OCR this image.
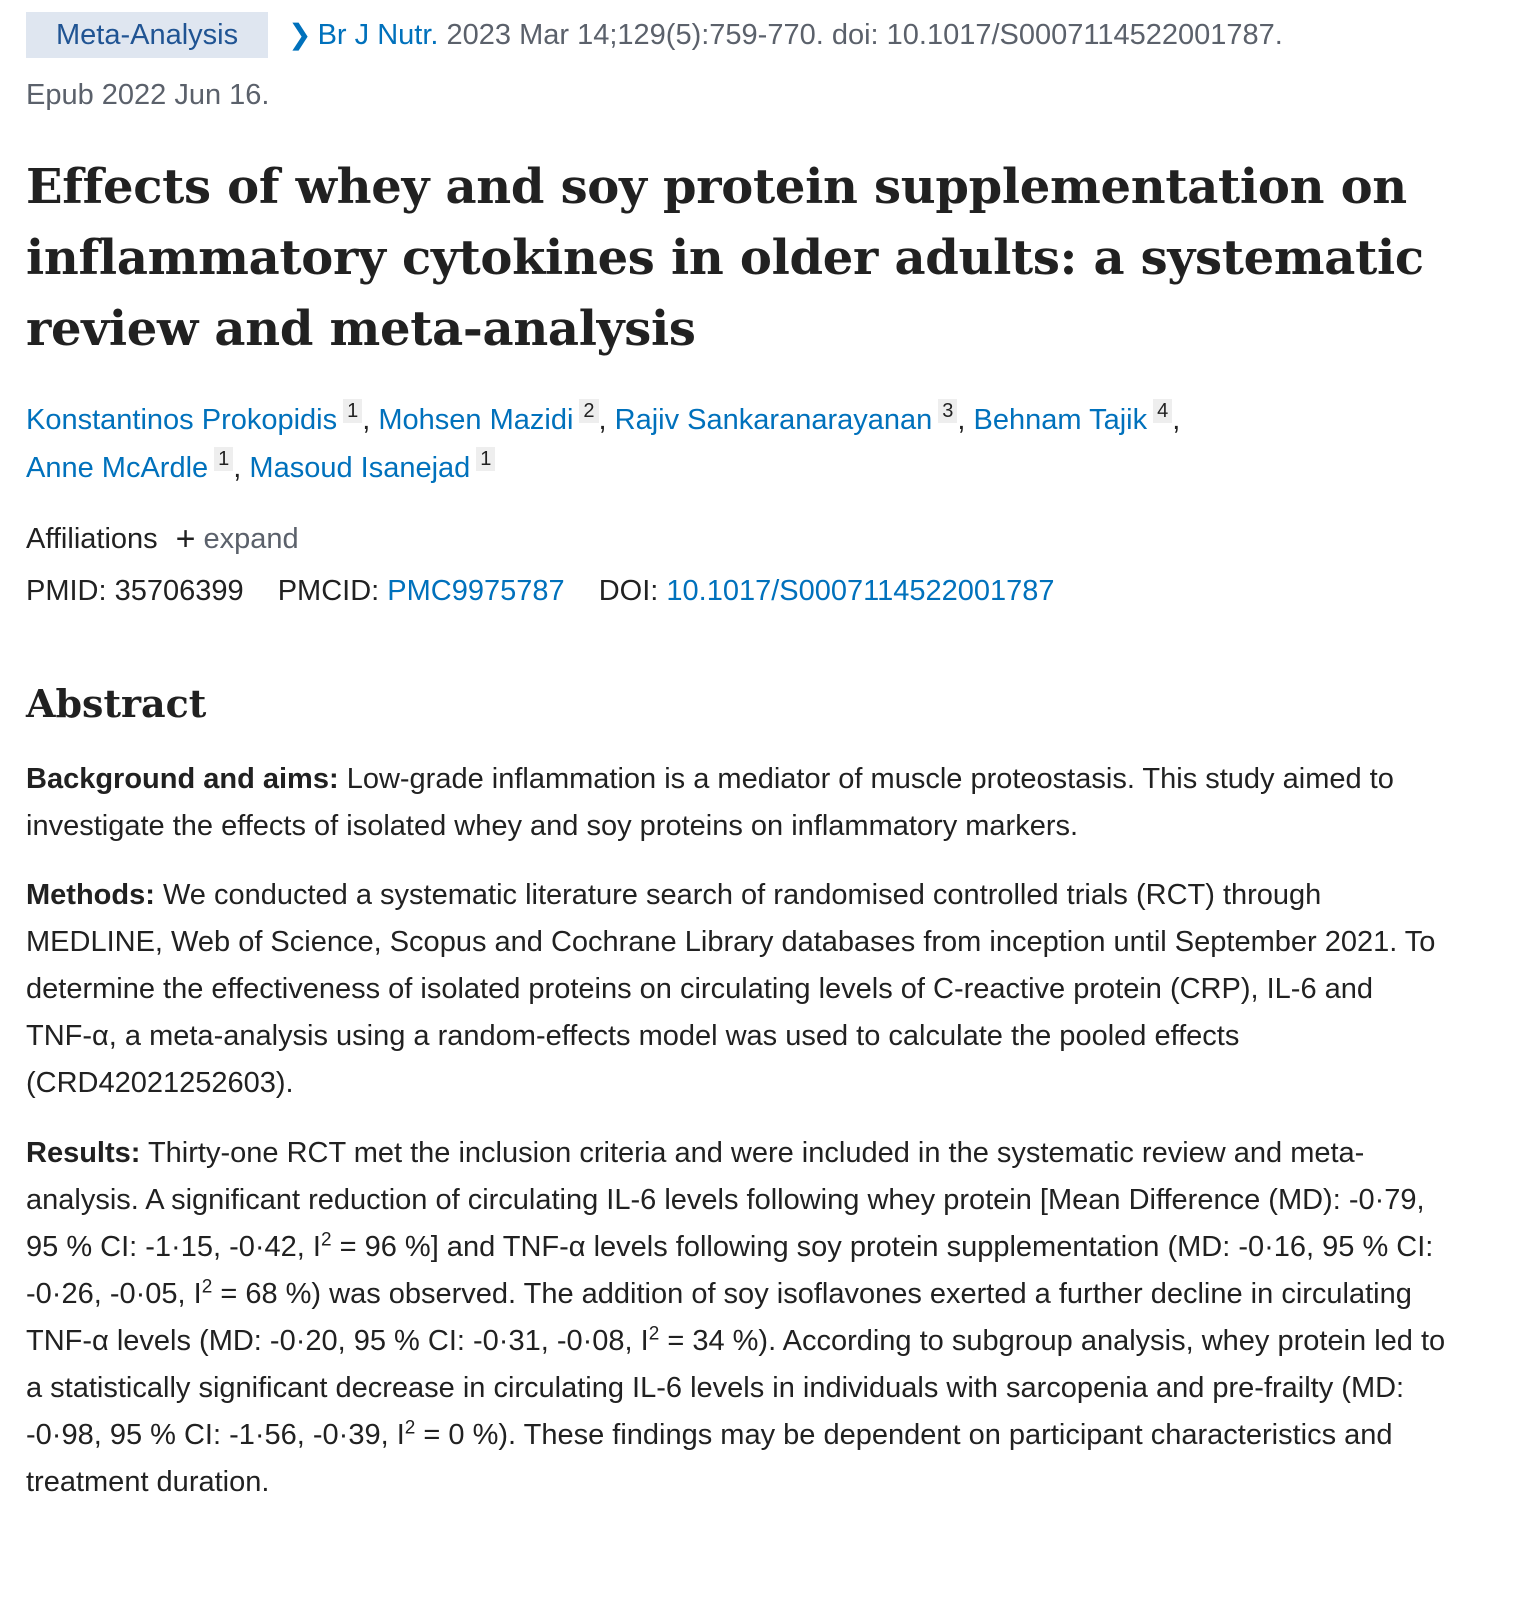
Meta-Analysis ❯ Br J Nutr. 2023 Mar 14;129(5):759-770. doi: 10.1017/S0007114522001787.
Epub 2022 Jun 16.
Effects of whey and soy protein supplementation on inflammatory cytokines in older adults: a systematic review and meta-analysis
Konstantinos Prokopidis 1 , Mohsen Mazidi 2 , Rajiv Sankaranarayanan 3 , Behnam Tajik 4 ,
Anne McArdle 1 , Masoud Isanejad 1
Affiliations + expand
PMID: 35706399 PMCID: PMC9975787 DOI: 10.1017/S0007114522001787
Abstract

Background and aims: Low-grade inflammation is a mediator of muscle proteostasis. This study aimed to investigate the effects of isolated whey and soy proteins on inflammatory markers.

Methods: We conducted a systematic literature search of randomised controlled trials (RCT) through MEDLINE, Web of Science, Scopus and Cochrane Library databases from inception until September 2021. To determine the effectiveness of isolated proteins on circulating levels of C-reactive protein (CRP), IL-6 and TNF-α, a meta-analysis using a random-effects model was used to calculate the pooled effects (CRD42021252603).

Results: Thirty-one RCT met the inclusion criteria and were included in the systematic review and meta-analysis. A significant reduction of circulating IL-6 levels following whey protein [Mean Difference (MD): -0·79, 95 % CI: -1·15, -0·42, $I^2 = 96$ %] and TNF-α levels following soy protein supplementation (MD: -0·16, 95 % CI: -0·26, -0·05, $I^2 = 68$ %) was observed. The addition of soy isoflavones exerted a further decline in circulating TNF-α levels (MD: -0·20, 95 % CI: -0·31, -0·08, $I^2 = 34$ %). According to subgroup analysis, whey protein led to a statistically significant decrease in circulating IL-6 levels in individuals with sarcopenia and pre-frailty (MD: -0·98, 95 % CI: -1·56, -0·39, $I^2 = 0$ %). These findings may be dependent on participant characteristics and treatment duration.
